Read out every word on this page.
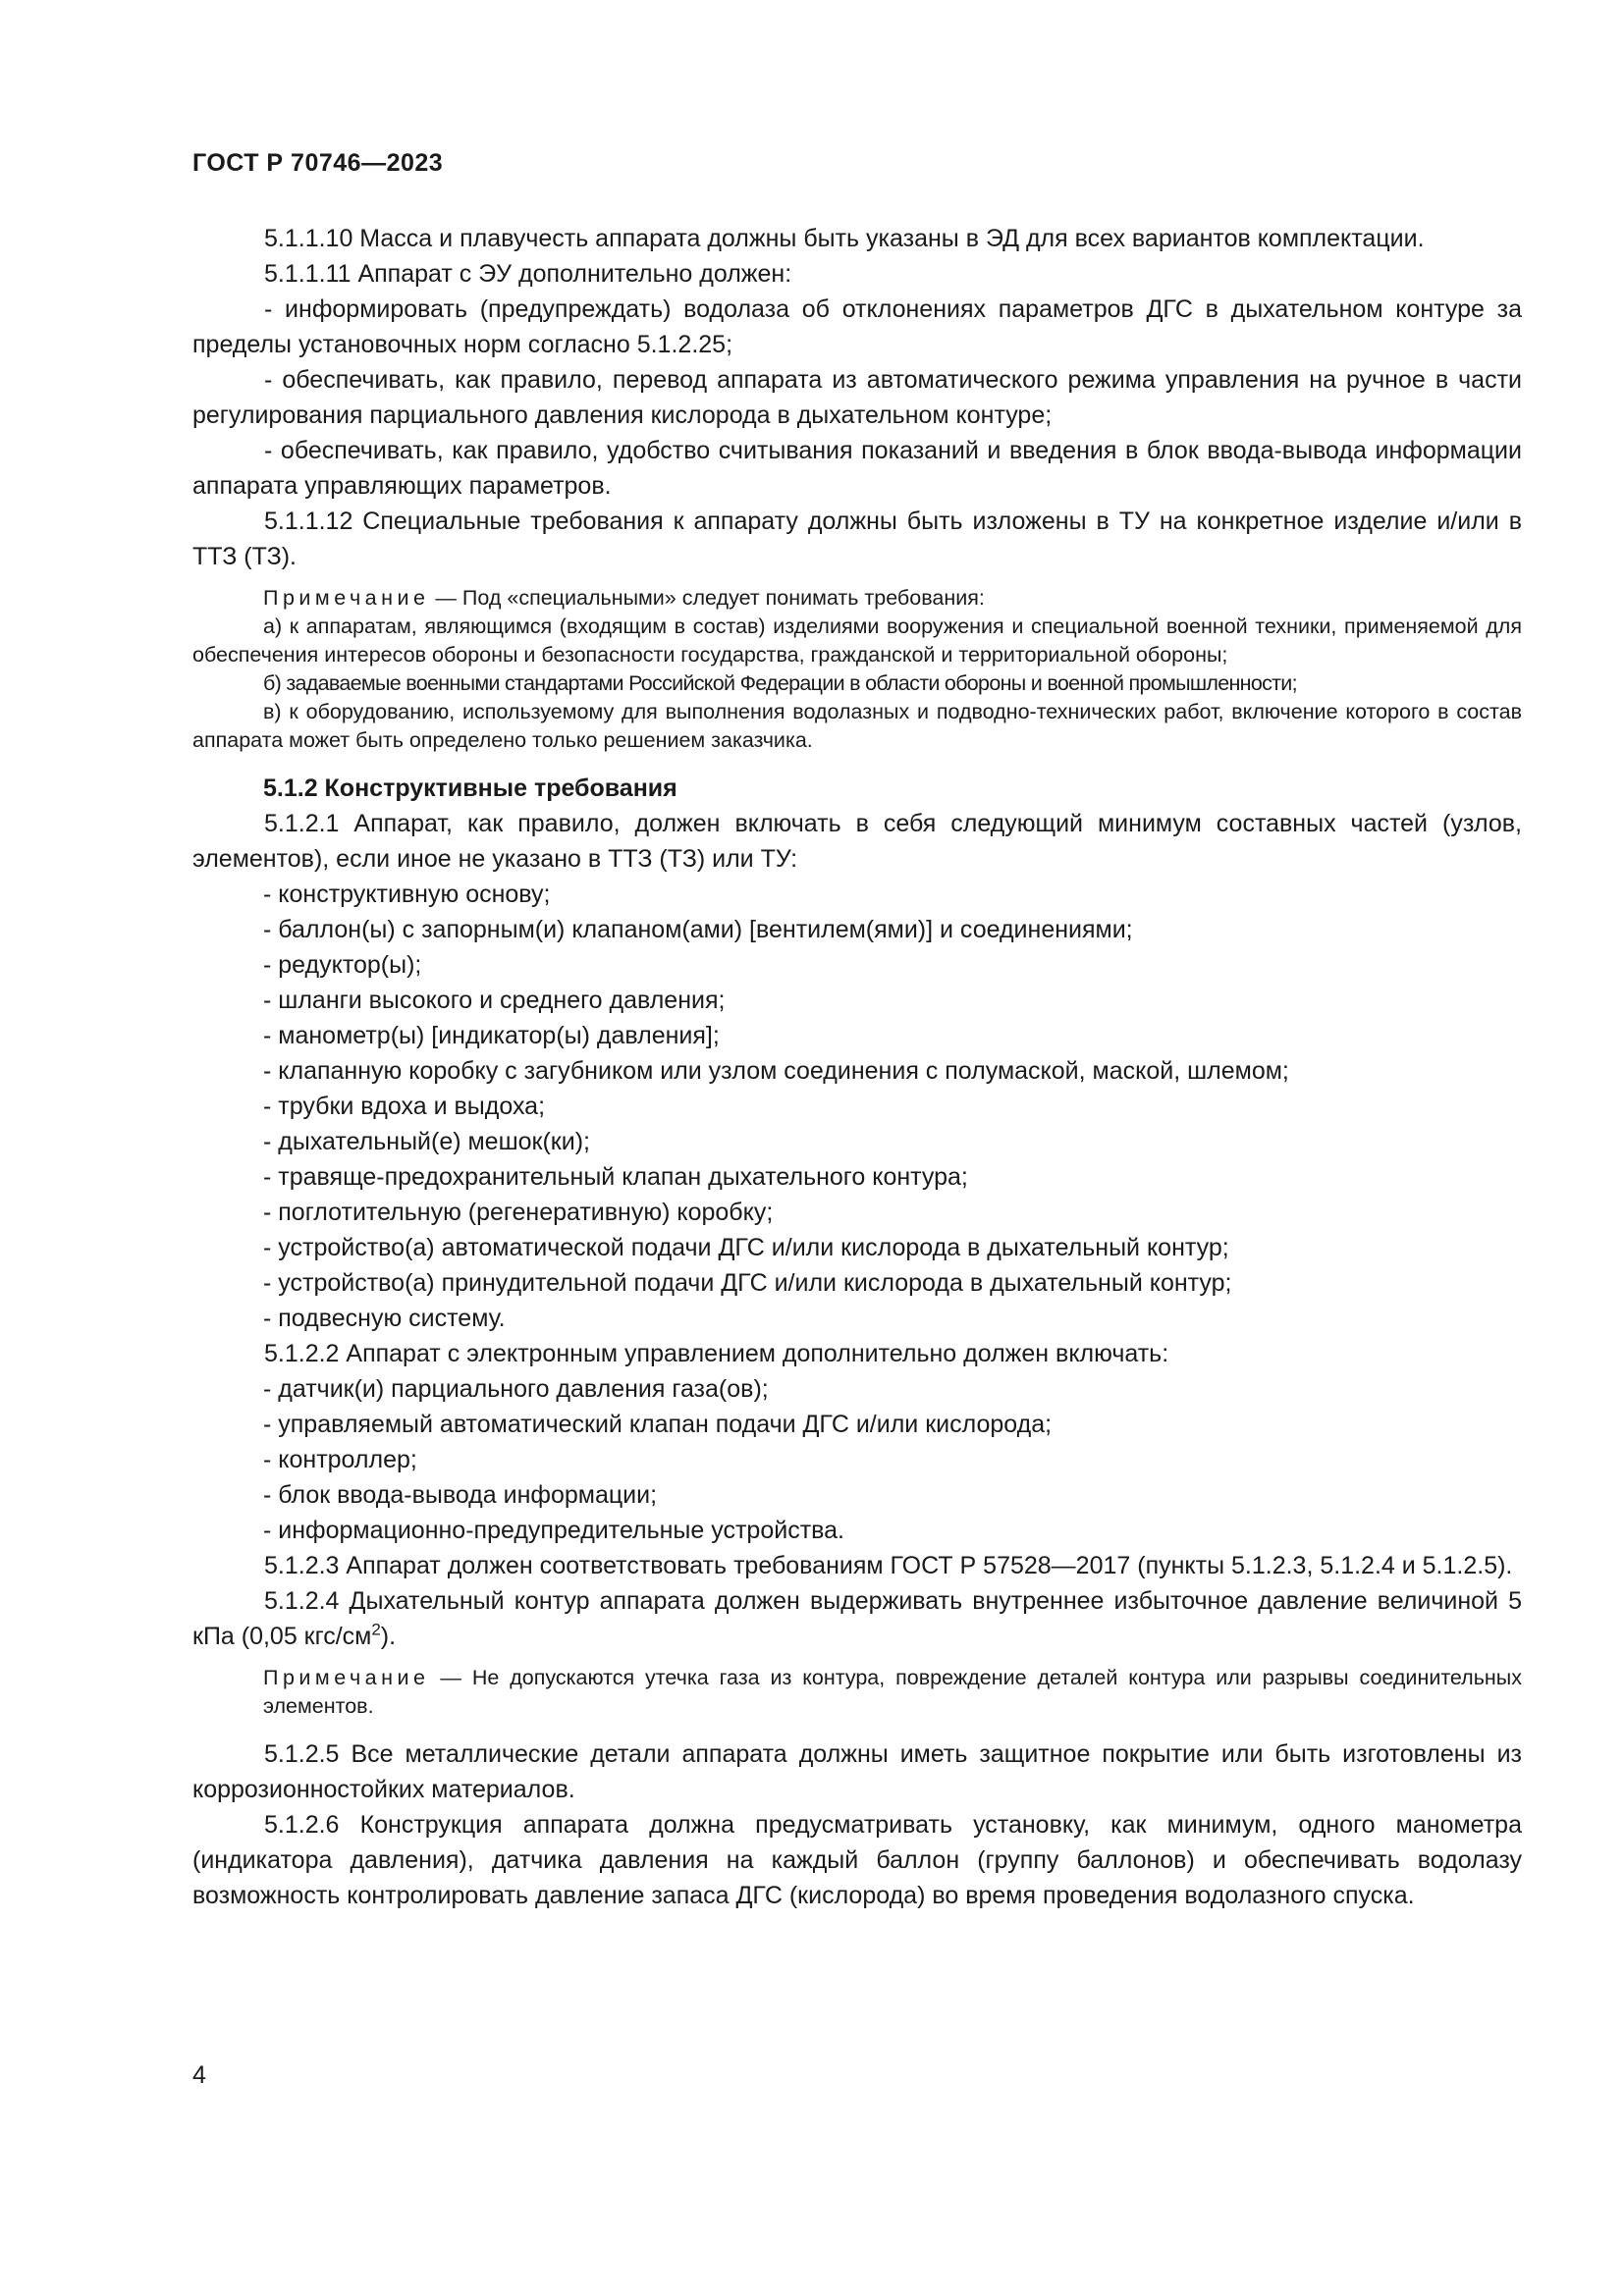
ГОСТ Р 70746—2023

5.1.1.10 Масса и плавучесть аппарата должны быть указаны в ЭД для всех вариантов комплектации.

5.1.1.11 Аппарат с ЭУ дополнительно должен:

- информировать (предупреждать) водолаза об отклонениях параметров ДГС в дыхательном контуре за пределы установочных норм согласно 5.1.2.25;

- обеспечивать, как правило, перевод аппарата из автоматического режима управления на ручное в части регулирования парциального давления кислорода в дыхательном контуре;

- обеспечивать, как правило, удобство считывания показаний и введения в блок ввода-вывода информации аппарата управляющих параметров.

5.1.1.12 Специальные требования к аппарату должны быть изложены в ТУ на конкретное изделие и/или в ТТЗ (ТЗ).

Примечание — Под «специальными» следует понимать требования:

а) к аппаратам, являющимся (входящим в состав) изделиями вооружения и специальной военной техники, применяемой для обеспечения интересов обороны и безопасности государства, гражданской и территориальной обороны;

б) задаваемые военными стандартами Российской Федерации в области обороны и военной промышленности;

в) к оборудованию, используемому для выполнения водолазных и подводно-технических работ, включение которого в состав аппарата может быть определено только решением заказчика.

5.1.2 Конструктивные требования

5.1.2.1 Аппарат, как правило, должен включать в себя следующий минимум составных частей (узлов, элементов), если иное не указано в ТТЗ (ТЗ) или ТУ:

- конструктивную основу;

- баллон(ы) с запорным(и) клапаном(ами) [вентилем(ями)] и соединениями;

- редуктор(ы);

- шланги высокого и среднего давления;

- манометр(ы) [индикатор(ы) давления];

- клапанную коробку с загубником или узлом соединения с полумаской, маской, шлемом;

- трубки вдоха и выдоха;

- дыхательный(е) мешок(ки);

- травяще-предохранительный клапан дыхательного контура;

- поглотительную (регенеративную) коробку;

- устройство(а) автоматической подачи ДГС и/или кислорода в дыхательный контур;

- устройство(а) принудительной подачи ДГС и/или кислорода в дыхательный контур;

- подвесную систему.

5.1.2.2 Аппарат с электронным управлением дополнительно должен включать:

- датчик(и) парциального давления газа(ов);

- управляемый автоматический клапан подачи ДГС и/или кислорода;

- контроллер;

- блок ввода-вывода информации;

- информационно-предупредительные устройства.

5.1.2.3 Аппарат должен соответствовать требованиям ГОСТ Р 57528—2017 (пункты 5.1.2.3, 5.1.2.4 и 5.1.2.5).

5.1.2.4 Дыхательный контур аппарата должен выдерживать внутреннее избыточное давление величиной 5 кПа (0,05 кгс/$см^2$).

Примечание — Не допускаются утечка газа из контура, повреждение деталей контура или разрывы соединительных элементов.

5.1.2.5 Все металлические детали аппарата должны иметь защитное покрытие или быть изготовлены из коррозионностойких материалов.

5.1.2.6 Конструкция аппарата должна предусматривать установку, как минимум, одного манометра (индикатора давления), датчика давления на каждый баллон (группу баллонов) и обеспечивать водолазу возможность контролировать давление запаса ДГС (кислорода) во время проведения водолазного спуска.

4
